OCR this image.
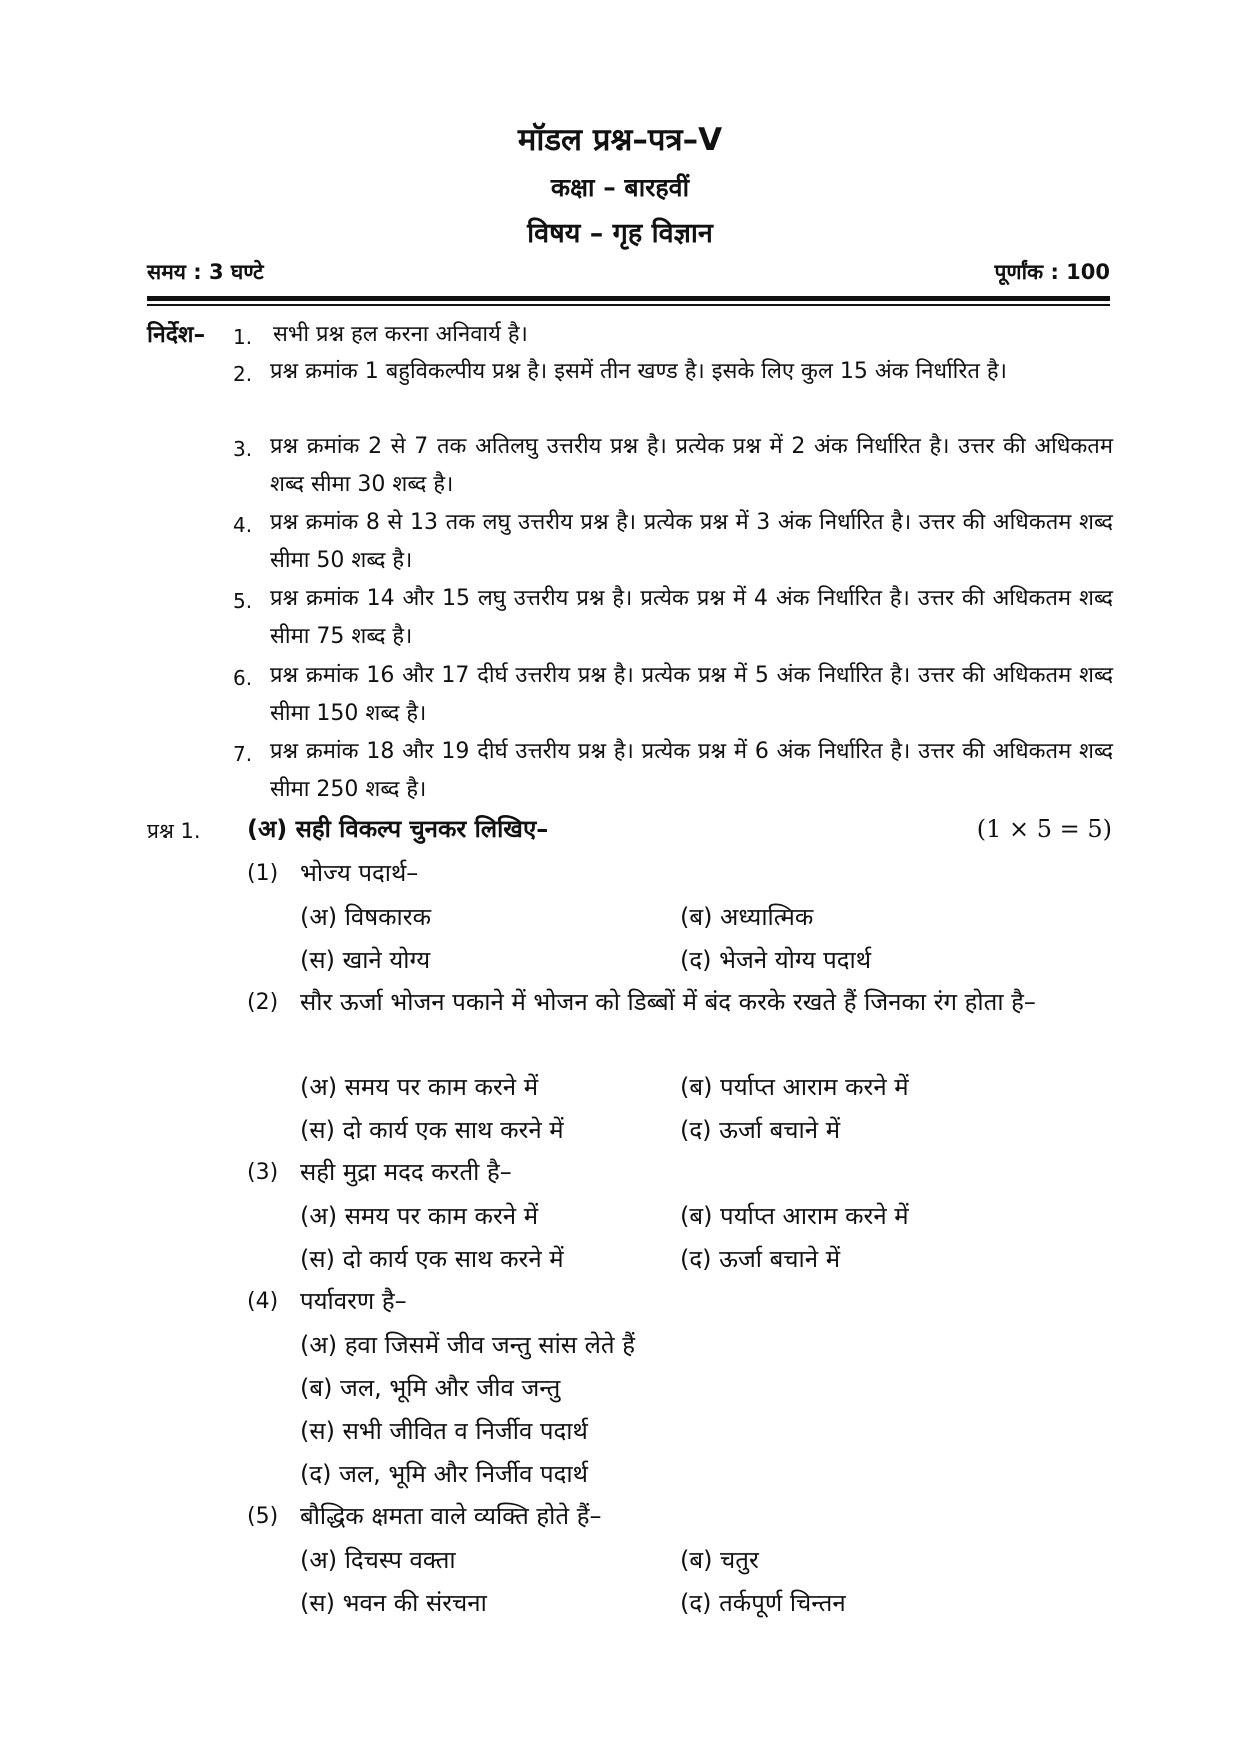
मॉडल प्रश्न–पत्र–V
कक्षा – बारहवीं
विषय – गृह विज्ञान
समय : 3 घण्टे	पूर्णांक : 100
निर्देश–	सभी प्रश्न हल करना अनिवार्य है।
1.
2. प्रश्न क्रमांक 1 बहुविकल्पीय प्रश्न है। इसमें तीन खण्ड है। इसके लिए कुल 15 अंक निर्धारित है।
3. प्रश्न क्रमांक 2 से 7 तक अतिलघु उत्तरीय प्रश्न है। प्रत्येक प्रश्न में 2 अंक निर्धारित है। उत्तर की अधिकतम शब्द सीमा 30 शब्द है।
4. प्रश्न क्रमांक 8 से 13 तक लघु उत्तरीय प्रश्न है। प्रत्येक प्रश्न में 3 अंक निर्धारित है। उत्तर की अधिकतम शब्द सीमा 50 शब्द है।
5. प्रश्न क्रमांक 14 और 15 लघु उत्तरीय प्रश्न है। प्रत्येक प्रश्न में 4 अंक निर्धारित है। उत्तर की अधिकतम शब्द सीमा 75 शब्द है।
6. प्रश्न क्रमांक 16 और 17 दीर्घ उत्तरीय प्रश्न है। प्रत्येक प्रश्न में 5 अंक निर्धारित है। उत्तर की अधिकतम शब्द सीमा 150 शब्द है।
7. प्रश्न क्रमांक 18 और 19 दीर्घ उत्तरीय प्रश्न है। प्रत्येक प्रश्न में 6 अंक निर्धारित है। उत्तर की अधिकतम शब्द सीमा 250 शब्द है।
प्रश्न 1. (अ) सही विकल्प चुनकर लिखिए–	(1 × 5 = 5)
(1) भोज्य पदार्थ–
(अ) विषकारक	(ब) अध्यात्मिक
(स) खाने योग्य	(द) भेजने योग्य पदार्थ
(2) सौर ऊर्जा भोजन पकाने में भोजन को डिब्बों में बंद करके रखते हैं जिनका रंग होता है–
(अ) समय पर काम करने में	(ब) पर्याप्त आराम करने में
(स) दो कार्य एक साथ करने में	(द) ऊर्जा बचाने में
(3) सही मुद्रा मदद करती है–
(अ) समय पर काम करने में	(ब) पर्याप्त आराम करने में
(स) दो कार्य एक साथ करने में	(द) ऊर्जा बचाने में
(4) पर्यावरण है–
(अ) हवा जिसमें जीव जन्तु सांस लेते हैं
(ब) जल, भूमि और जीव जन्तु
(स) सभी जीवित व निर्जीव पदार्थ
(द) जल, भूमि और निर्जीव पदार्थ
(5) बौद्धिक क्षमता वाले व्यक्ति होते हैं–
(अ) दिचस्प वक्ता	(ब) चतुर
(स) भवन की संरचना	(द) तर्कपूर्ण चिन्तन
